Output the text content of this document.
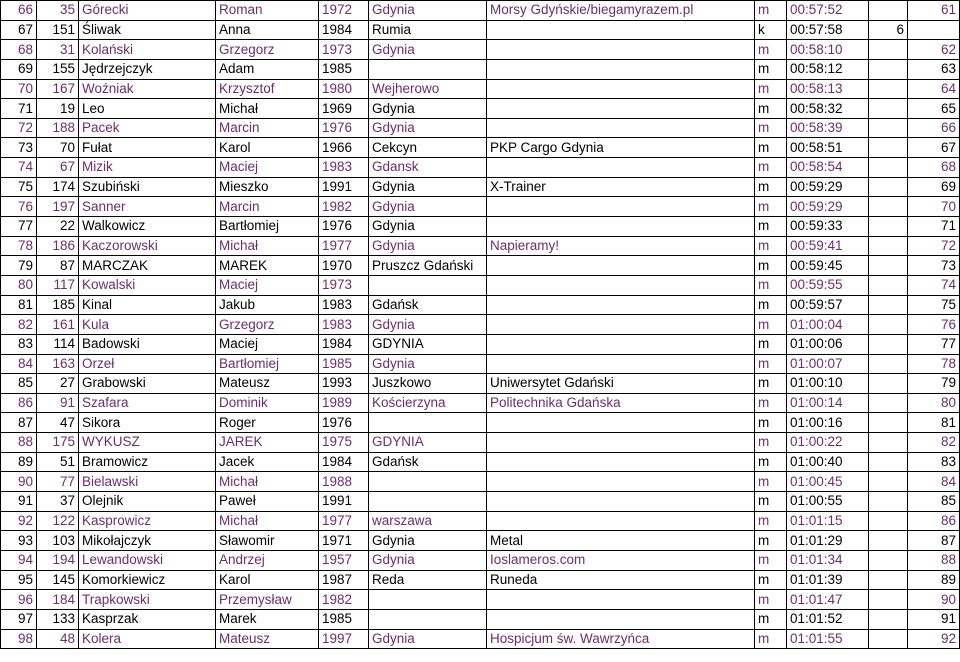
66	35	Górecki	Roman	1972	Gdynia	Morsy Gdyńskie/biegamyrazem.pl	m	00:57:52		61
67	151	Śliwak	Anna	1984	Rumia		k	00:57:58	6	
68	31	Kolański	Grzegorz	1973	Gdynia		m	00:58:10		62
69	155	Jędrzejczyk	Adam	1985			m	00:58:12		63
70	167	Woźniak	Krzysztof	1980	Wejherowo		m	00:58:13		64
71	19	Leo	Michał	1969	Gdynia		m	00:58:32		65
72	188	Pacek	Marcin	1976	Gdynia		m	00:58:39		66
73	70	Fułat	Karol	1966	Cekcyn	PKP Cargo Gdynia	m	00:58:51		67
74	67	Mizik	Maciej	1983	Gdansk		m	00:58:54		68
75	174	Szubiński	Mieszko	1991	Gdynia	X-Trainer	m	00:59:29		69
76	197	Sanner	Marcin	1982	Gdynia		m	00:59:29		70
77	22	Walkowicz	Bartłomiej	1976	Gdynia		m	00:59:33		71
78	186	Kaczorowski	Michał	1977	Gdynia	Napieramy!	m	00:59:41		72
79	87	MARCZAK	MAREK	1970	Pruszcz Gdański		m	00:59:45		73
80	117	Kowalski	Maciej	1973			m	00:59:55		74
81	185	Kinal	Jakub	1983	Gdańsk		m	00:59:57		75
82	161	Kula	Grzegorz	1983	Gdynia		m	01:00:04		76
83	114	Badowski	Maciej	1984	GDYNIA		m	01:00:06		77
84	163	Orzeł	Bartłomiej	1985	Gdynia		m	01:00:07		78
85	27	Grabowski	Mateusz	1993	Juszkowo	Uniwersytet Gdański	m	01:00:10		79
86	91	Szafara	Dominik	1989	Kościerzyna	Politechnika Gdańska	m	01:00:14		80
87	47	Sikora	Roger	1976			m	01:00:16		81
88	175	WYKUSZ	JAREK	1975	GDYNIA		m	01:00:22		82
89	51	Bramowicz	Jacek	1984	Gdańsk		m	01:00:40		83
90	77	Bielawski	Michał	1988			m	01:00:45		84
91	37	Olejnik	Paweł	1991			m	01:00:55		85
92	122	Kasprowicz	Michał	1977	warszawa		m	01:01:15		86
93	103	Mikołajczyk	Sławomir	1971	Gdynia	Metal	m	01:01:29		87
94	194	Lewandowski	Andrzej	1957	Gdynia	Ioslameros.com	m	01:01:34		88
95	145	Komorkiewicz	Karol	1987	Reda	Runeda	m	01:01:39		89
96	184	Trapkowski	Przemysław	1982			m	01:01:47		90
97	133	Kasprzak	Marek	1985			m	01:01:52		91
98	48	Kolera	Mateusz	1997	Gdynia	Hospicjum św. Wawrzyńca	m	01:01:55		92
